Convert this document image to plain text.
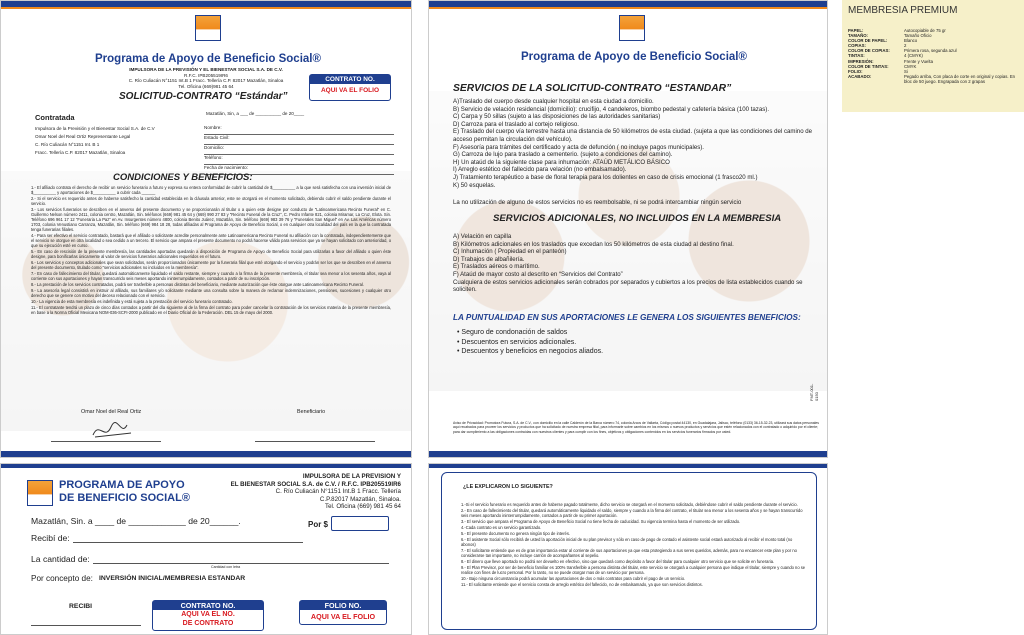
Programa de Apoyo de Beneficio Social®
IMPULSORA DE LA PREVISIÓN Y EL BIENESTAR SOCIAL S.A. DE C.V.
R.F.C. IPB205519IR6
C. Río Culiacán N°1151 Int.B 1 Fracc. Tellería C.P. 82017 Mazatlán, Sinaloa
Tel. Oficina (669)981 45 64
CONTRATO NO.
AQUI VA EL FOLIO
SOLICITUD-CONTRATO “Estándar”
Mazatlán, Sin, a ___ de __________ de 20____
Contratada
Impulsora de la Previsión y el Bienestar Social S.A. de C.V
Omar Noel del Real Ortiz Representante Legal
C. Río Culiacán N°1151 Int. B 1
Fracc. Tellería C.P. 82017 Mazatlán, Sinaloa
Nombre:
Estado Civil:
Domicilio:
Teléfono:
Fecha de nacimiento:
CONDICIONES Y BENEFICIOS:
1.- El afiliado contrata el derecho de recibir un servicio funerario a futuro y expresa su entera conformidad de cubrir la cantidad de $__________ a la que será satisfecha con una inversión inicial de $__________ y aportaciones de $__________ a cubrir cada ______
2.- Si el servicio es requerido antes de haberse satisfecho la cantidad establecida en la cláusula anterior, este se otorgará en el momento solicitado, debiendo cubrir el saldo pendiente durante el servicio.
3.- Los servicios funerarios se describen en el anverso del presente documento y se proporcionarán al titular o a quien este designe por conducto de “Latinoamericana Recinto Funeral” en C. Guillermo Nelson número 2411, colonia centro, Mazatlán, Sin. teléfonos (669) 981 45 64 y (669) 990 27 83 y “Recinto Funeral de la Cruz”, C. Pedro Infante 821, colonia Miramar, La Cruz, Elota. Sin. Teléfono 696 961 17 12 “Funeraria La Paz” en Av. Insurgentes número 4800, colonia Benito Juárez, Mazatlán, Sin. teléfono (669) 983 39 76 y “Funerales San Miguel” en Av. Las Américas número 1703, colonia Venustiano Carranza, Mazatlán, Sin. teléfono (669) 984 18 28, todas afiliadas al Programa de Apoyo de Beneficio Social, o en cualquier otra localidad del país en la que la contratada tenga funerarias filiales.
4.- Para ser efectivo el servicio contratado, bastará que el afiliado o solicitante acredite personalmente ante Latinoamericana Recinto Funeral su afiliación con la contratada, independientemente que el servicio se otorgue en otra localidad o sea cedido a un tercero. El servicio que ampara el presente documento no podrá hacerse válido para servicios que ya se hayan solicitado con anterioridad, o que su ejecución esté en curso.
5.- En caso de rescisión de la presente membresía, las cantidades aportadas quedarán a disposición de Programa de Apoyo de Beneficio Social para utilizarlas a favor del afiliado o quien éste designe, para bonificarlas únicamente al valor de servicios funerarios adicionales requeridos en el futuro.
6.- Los servicios y conceptos adicionales que sean solicitados, serán proporcionados únicamente por la funeraria filial que esté otorgando el servicio y podrán ser los que se describen en el anverso del presente documento, titulado como “servicios adicionales no incluidos en la membresía”.
7.- En caso de fallecimiento del titular, quedará automáticamente liquidado el saldo restante, siempre y cuando a la firma de la presente membresía, el titular sea menor a los sesenta años, vaya al corriente con sus aportaciones y hayan transcurrido seis meses aportando ininterrumpidamente, contados a partir de su inscripción.
8.- La prestación de los servicios contratados, podrá ser trasferible a personas distintas del beneficiario, mediante autorización que éste otorgue ante Latinoamericana Recinto Funeral.
9.- La asesoría legal consistirá en instruir al afiliado, sus familiares y/o solicitante mediante una consulta sobre la manera de reclamar indemnizaciones, pensiones, sucesiones y cualquier otro derecho que se genere con motivo del deceso relacionado con el servicio.
10.- La vigencia de esta membresía es indefinida y está sujeta a la prestación del servicio funerario contratado.
11.- El contratante tendrá un plazo de cinco días contados a partir del día siguiente al de la firma del contrato para poder cancelar la contratación de los servicios materia de la presente membresía, en base a la Norma Oficial Mexicana NOM-036-SCFI-2000 publicado en el Diario Oficial de la Federación. DEL 15 de mayo del 2000.
Omar Noel del Real Ortiz	Beneficiario
Programa de Apoyo de Beneficio Social®
SERVICIOS DE LA SOLICITUD-CONTRATO “ESTANDAR”
A)Traslado del cuerpo desde cualquier hospital en esta ciudad a domicilio.
B) Servicio de velación residencial (domicilio): crucifijo, 4 candeleros, biombo pedestal y cafetería básica (100 tazas).
C) Carpa y 50 sillas (sujeto a las disposiciones de las autoridades sanitarias)
D) Carroza para el traslado al cortejo religioso.
E) Traslado del cuerpo vía terrestre hasta una distancia de 50 kilómetros de esta ciudad. (sujeta a que las condiciones del camino de acceso permitan la circulación del vehículo).
F) Asesoría para trámites del certificado y acta de defunción ( no incluye pagos municipales).
G) Carroza de lujo para traslado a cementerio. (sujeto a condiciones del camino).
H) Un ataúd de la siguiente clase para inhumación: ATAÚD METÁLICO BÁSICO
I) Arreglo estético del fallecido para velación (no embalsamado).
J) Tratamiento terapéutico a base de floral terapia para los dolientes en caso de crisis emocional (1 frasco20 ml.)
K) 50 esquelas.
La no utilización de alguno de estos servicios no es reembolsable, ni se podrá intercambiar ningún servicio
SERVICIOS ADICIONALES, NO INCLUIDOS EN LA MEMBRESIA
A) Velación en capilla
B) Kilómetros adicionales en los traslados que excedan los 50 kilómetros de esta ciudad al destino final.
C) Inhumación ( Propiedad en el panteón)
D) Trabajos de albañilería.
E) Traslados aéreos o marítimo.
F) Ataúd de mayor costo al descrito en “Servicios del Contrato”
Cualquiera de estos servicios adicionales serán cobrados por separados y cubiertos a los precios de lista establecidos cuando se soliciten.
LA PUNTUALIDAD EN SUS APORTACIONES LE GENERA LOS SIGUIENTES BENEFICIOS:
• Seguro de condonación de saldos
• Descuentos en servicios adicionales.
• Descuentos y beneficios en negocios aliados.
FMT-001-0150
Aviso de Privacidad: Promotora Futura, S.A. de C.V., con domicilio en la calle Calderón de la Barca número 74, colonia Arcos de Vallarta, Código postal 44130, en Guadalajara, Jalisco, teléfono (0133) 36-15-32-23, utilizará sus datos personales aquí recabados para proveer los servicios y productos que ha solicitado de nuestra empresa filial, para informarle sobre cambios en los mismos o nuevos productos y servicios que estén relacionados con el contratado o adquirido por el cliente; para dar cumplimiento a las obligaciones contraídas con nuestros clientes y para cumplir con los fines, objetivos y obligaciones contenidos en los servicios funerarios firmados por usted.
MEMBRESIA PREMIUM
PAPEL:	Autocopiable de 75 gr
TAMAÑO:	Tamaño Oficio
COLOR DE PAPEL:	Blanco
COPIAS:	2
COLOR DE COPIAS:	Primera rosa, segunda azul
TINTAS:	4 (CMYK)
IMPRESIÓN:	Frente y Vuelta
COLOR DE TINTAS:	CMYK
FOLIO:	Si
ACABADO:	Pegado arriba, Con placa de corte en original y copias. En bloc de 50 juego. Engrapada con 2 grapas
PROGRAMA DE APOYO
DE BENEFICIO SOCIAL®
IMPULSORA DE LA PREVISION Y
EL BIENESTAR SOCIAL S.A. de C.V. / R.F.C. IPB205519IR6
C. Río Culiacán N°1151 Int.B 1 Fracc. Tellería
C.P.82017 Mazatlán, Sinaloa.
Tel. Oficina (669) 981 45 64
Por $
Mazatlán, Sin. a ____ de ____________ de 20______.
Recibí de:
La cantidad de:
Cantidad con letra
Por concepto de: INVERSIÓN INICIAL/MEMBRESIA ESTANDAR
RECIBI	CONTRATO NO.
AQUI VA EL NO.
DE CONTRATO
FOLIO NO.
AQUI VA EL FOLIO
¿LE EXPLICARON LO SIGUIENTE?
1.-Si el servicio funerario es requerido antes de haberse pagado totalmente, dicho servicio se otorgará en el momento solicitado, debiéndose cubrir el saldo pendiente durante el servicio.
2.- En caso de fallecimiento del titular, quedará automáticamente liquidado el saldo, siempre y cuando a la firma del contrato, el titular sea menor a los sesenta años y se hayan transcurrido seis meses aportando ininterrumpidamente, contados a partir de su primer aportación.
3.- El servicio que ampara el Programa de Apoyo de Beneficio Social no tiene fecha de caducidad. Su vigencia termina hasta el momento de ser utilizado.
4.-Cada contrato es un servicio garantizado.
5.- El presente documento no genera ningún tipo de interés.
6.- El asistente Social sólo recibirá de usted la aportación inicial de su plan previsor y sólo en caso de pago de contado el asistente social estará autorizado al recibir el monto total (no abonos)
7.- El solicitante entiende que es de gran importancia estar al corriente de sus aportaciones ya que esta protegiendo a sus seres queridos, además, para no encarecer este plan y por no considerarse tan importante, no incluye carrión de acompañantes al sepelio.
8.- El dinero que lleve aportado no podrá ser devuelto en efectivo, sino que quedará como depósito a favor del titular para cualquier otro servicio que se solicite en funeraria.
9.- El Plan Previsor, por ser de beneficio familiar es 100% transferible a persona distinta del titular, este servicio se otorgará a cualquier persona que indique el titular, siempre y cuando no se realice con fines de lucro personal. Por lo tanto, no se puede otorgar mas de un servicio por persona.
10.- Bajo ninguna circunstancia podrá acumular las aportaciones de dos o más contratos para cubrir el pago de un servicio.
11.- El solicitante entiende que el servicio consta de arreglo estético del fallecido, no de embalsamado, ya que son servicios distintos.
